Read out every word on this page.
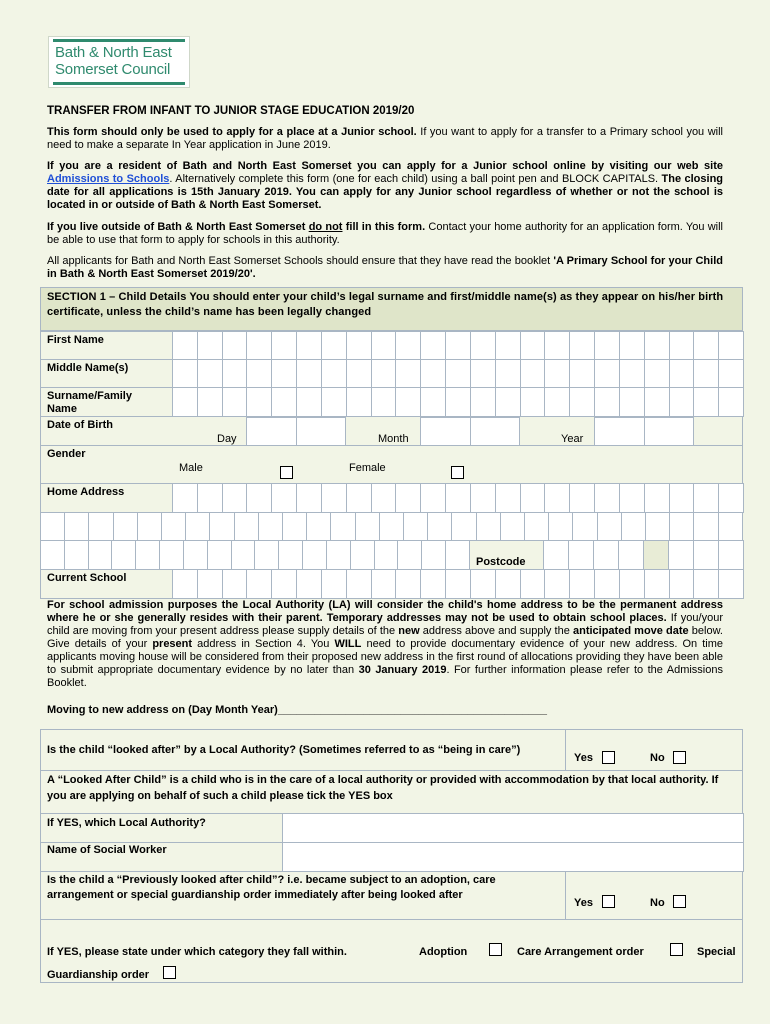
Bath & North East
Somerset Council
TRANSFER FROM INFANT TO JUNIOR STAGE EDUCATION 2019/20
This form should only be used to apply for a place at a Junior school. If you want to apply for a transfer to a Primary school you will need to make a separate In Year application in June 2019.
If you are a resident of Bath and North East Somerset you can apply for a Junior school online by visiting our web site Admissions to Schools. Alternatively complete this form (one for each child) using a ball point pen and BLOCK CAPITALS. The closing date for all applications is 15th January 2019. You can apply for any Junior school regardless of whether or not the school is located in or outside of Bath & North East Somerset.
If you live outside of Bath & North East Somerset do not fill in this form. Contact your home authority for an application form. You will be able to use that form to apply for schools in this authority.
All applicants for Bath and North East Somerset Schools should ensure that they have read the booklet 'A Primary School for your Child in Bath & North East Somerset 2019/20'.
SECTION 1 – Child Details You should enter your child’s legal surname and first/middle name(s) as they appear on his/her birth certificate, unless the child’s name has been legally changed
First Name
Middle Name(s)
Surname/Family Name
Date of Birth
Day	Month	Year
Gender
Male	Female
Home Address
Postcode
Current School
For school admission purposes the Local Authority (LA) will consider the child's home address to be the permanent address where he or she generally resides with their parent. Temporary addresses may not be used to obtain school places. If you/your child are moving from your present address please supply details of the new address above and supply the anticipated move date below. Give details of your present address in Section 4. You WILL need to provide documentary evidence of your new address. On time applicants moving house will be considered from their proposed new address in the first round of allocations providing they have been able to submit appropriate documentary evidence by no later than 30 January 2019. For further information please refer to the Admissions Booklet.
Moving to new address on (Day Month Year)____________________________________________
Is the child “looked after” by a Local Authority? (Sometimes referred to as “being in care”)
Yes	No
A “Looked After Child” is a child who is in the care of a local authority or provided with accommodation by that local authority. If you are applying on behalf of such a child please tick the YES box
If YES, which Local Authority?
Name of Social Worker
Is the child a “Previously looked after child”? i.e. became subject to an adoption, care arrangement or special guardianship order immediately after being looked after
Yes	No
If YES, please state under which category they fall within.	Adoption	Care Arrangement order	Special
Guardianship order
